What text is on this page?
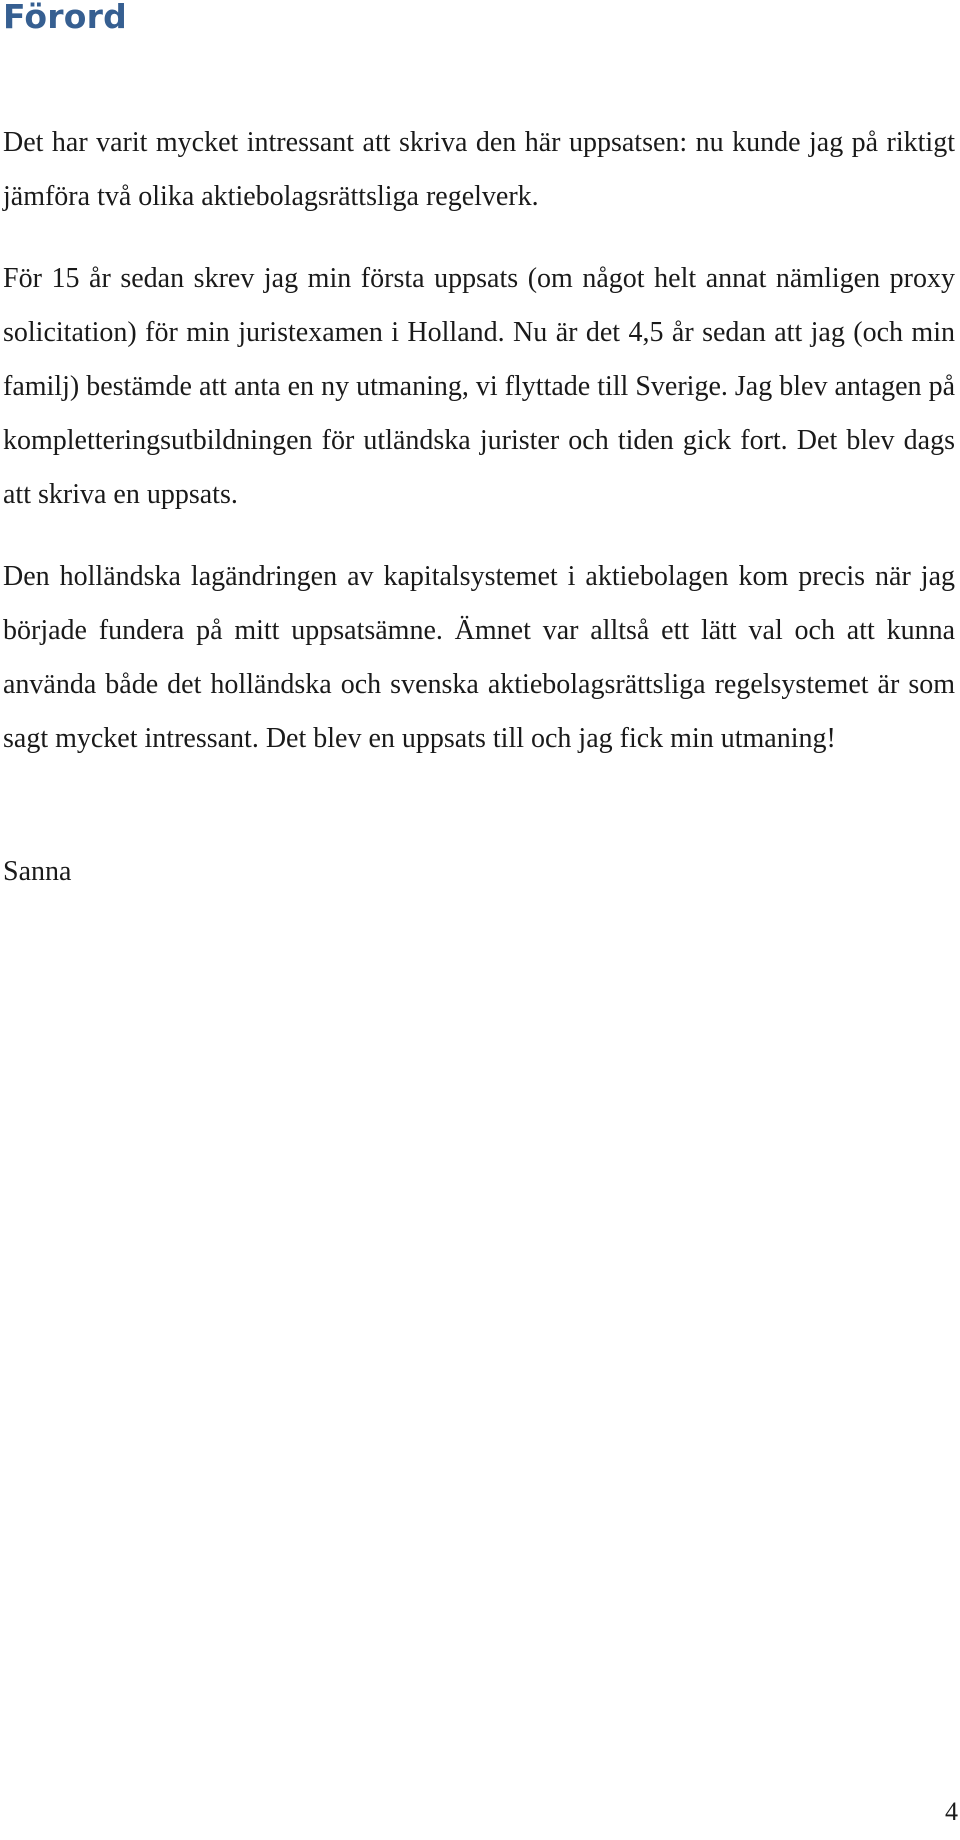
Förord

Det har varit mycket intressant att skriva den här uppsatsen: nu kunde jag på riktigt jämföra två olika aktiebolagsrättsliga regelverk.

För 15 år sedan skrev jag min första uppsats (om något helt annat nämligen proxy solicitation) för min juristexamen i Holland. Nu är det 4,5 år sedan att jag (och min familj) bestämde att anta en ny utmaning, vi flyttade till Sverige. Jag blev antagen på kompletteringsutbildningen för utländska jurister och tiden gick fort. Det blev dags att skriva en uppsats.

Den holländska lagändringen av kapitalsystemet i aktiebolagen kom precis när jag började fundera på mitt uppsatsämne. Ämnet var alltså ett lätt val och att kunna använda både det holländska och svenska aktiebolagsrättsliga regelsystemet är som sagt mycket intressant. Det blev en uppsats till och jag fick min utmaning!

Sanna

4
